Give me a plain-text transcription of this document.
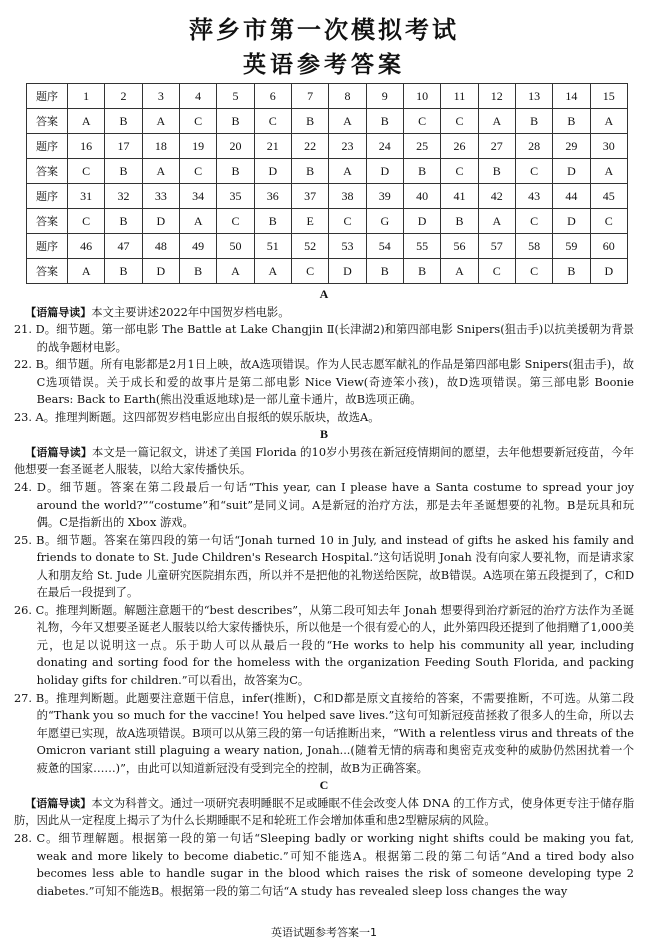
萍乡市第一次模拟考试
英语参考答案
题序	1	2	3	4	5	6	7	8	9	10	11	12	13	14	15
答案	A	B	A	C	B	C	B	A	B	C	C	A	B	B	A
题序	16	17	18	19	20	21	22	23	24	25	26	27	28	29	30
答案	C	B	A	C	B	D	B	A	D	B	C	B	C	D	A
题序	31	32	33	34	35	36	37	38	39	40	41	42	43	44	45
答案	C	B	D	A	C	B	E	C	G	D	B	A	C	D	C
题序	46	47	48	49	50	51	52	53	54	55	56	57	58	59	60
答案	A	B	D	B	A	A	C	D	B	B	A	C	C	B	D

A

【语篇导读】本文主要讲述2022年中国贺岁档电影。

21. D。细节题。第一部电影 The Battle at Lake Changjin Ⅱ(长津湖2)和第四部电影 Snipers(狙击手)以抗美援朝为背景的战争题材电影。

22. B。细节题。所有电影都是2月1日上映，故A选项错误。作为人民志愿军献礼的作品是第四部电影 Snipers(狙击手)，故C选项错误。关于成长和爱的故事片是第二部电影 Nice View(奇迹笨小孩)，故D选项错误。第三部电影 Boonie Bears: Back to Earth(熊出没重返地球)是一部儿童卡通片，故B选项正确。

23. A。推理判断题。这四部贺岁档电影应出自报纸的娱乐版块，故选A。

B

【语篇导读】本文是一篇记叙文，讲述了美国 Florida 的10岁小男孩在新冠疫情期间的愿望，去年他想要新冠疫苗，今年他想要一套圣诞老人服装，以给大家传播快乐。

24. D。细节题。答案在第二段最后一句话“This year, can I please have a Santa costume to spread your joy around the world?”“costume”和“suit”是同义词。A是新冠的治疗方法，那是去年圣诞想要的礼物。B是玩具和玩偶。C是指新出的 Xbox 游戏。

25. B。细节题。答案在第四段的第一句话“Jonah turned 10 in July, and instead of gifts he asked his family and friends to donate to St. Jude Children's Research Hospital.”这句话说明 Jonah 没有向家人要礼物，而是请求家人和朋友给 St. Jude 儿童研究医院捐东西，所以并不是把他的礼物送给医院，故B错误。A选项在第五段提到了，C和D在最后一段提到了。

26. C。推理判断题。解题注意题干的“best describes”，从第二段可知去年 Jonah 想要得到治疗新冠的治疗方法作为圣诞礼物，今年又想要圣诞老人服装以给大家传播快乐，所以他是一个很有爱心的人，此外第四段还提到了他捐赠了1,000美元，也足以说明这一点。乐于助人可以从最后一段的“He works to help his community all year, including donating and sorting food for the homeless with the organization Feeding South Florida, and packing holiday gifts for children.”可以看出，故答案为C。

27. B。推理判断题。此题要注意题干信息，infer(推断)，C和D都是原文直接给的答案，不需要推断，不可选。从第二段的“Thank you so much for the vaccine! You helped save lives.”这句可知新冠疫苗拯救了很多人的生命，所以去年愿望已实现，故A选项错误。B项可以从第三段的第一句话推断出来，“With a relentless virus and threats of the Omicron variant still plaguing a weary nation, Jonah...(随着无情的病毒和奥密克戎变种的威胁仍然困扰着一个疲惫的国家……)”，由此可以知道新冠没有受到完全的控制，故B为正确答案。

C

【语篇导读】本文为科普文。通过一项研究表明睡眠不足或睡眠不佳会改变人体 DNA 的工作方式，使身体更专注于储存脂肪，因此从一定程度上揭示了为什么长期睡眠不足和轮班工作会增加体重和患2型糖尿病的风险。

28. C。细节理解题。根据第一段的第一句话“Sleeping badly or working night shifts could be making you fat, weak and more likely to become diabetic.”可知不能选A。根据第二段的第二句话“And a tired body also becomes less able to handle sugar in the blood which raises the risk of someone developing type 2 diabetes.”可知不能选B。根据第一段的第二句话“A study has revealed sleep loss changes the way

英语试题参考答案一1
